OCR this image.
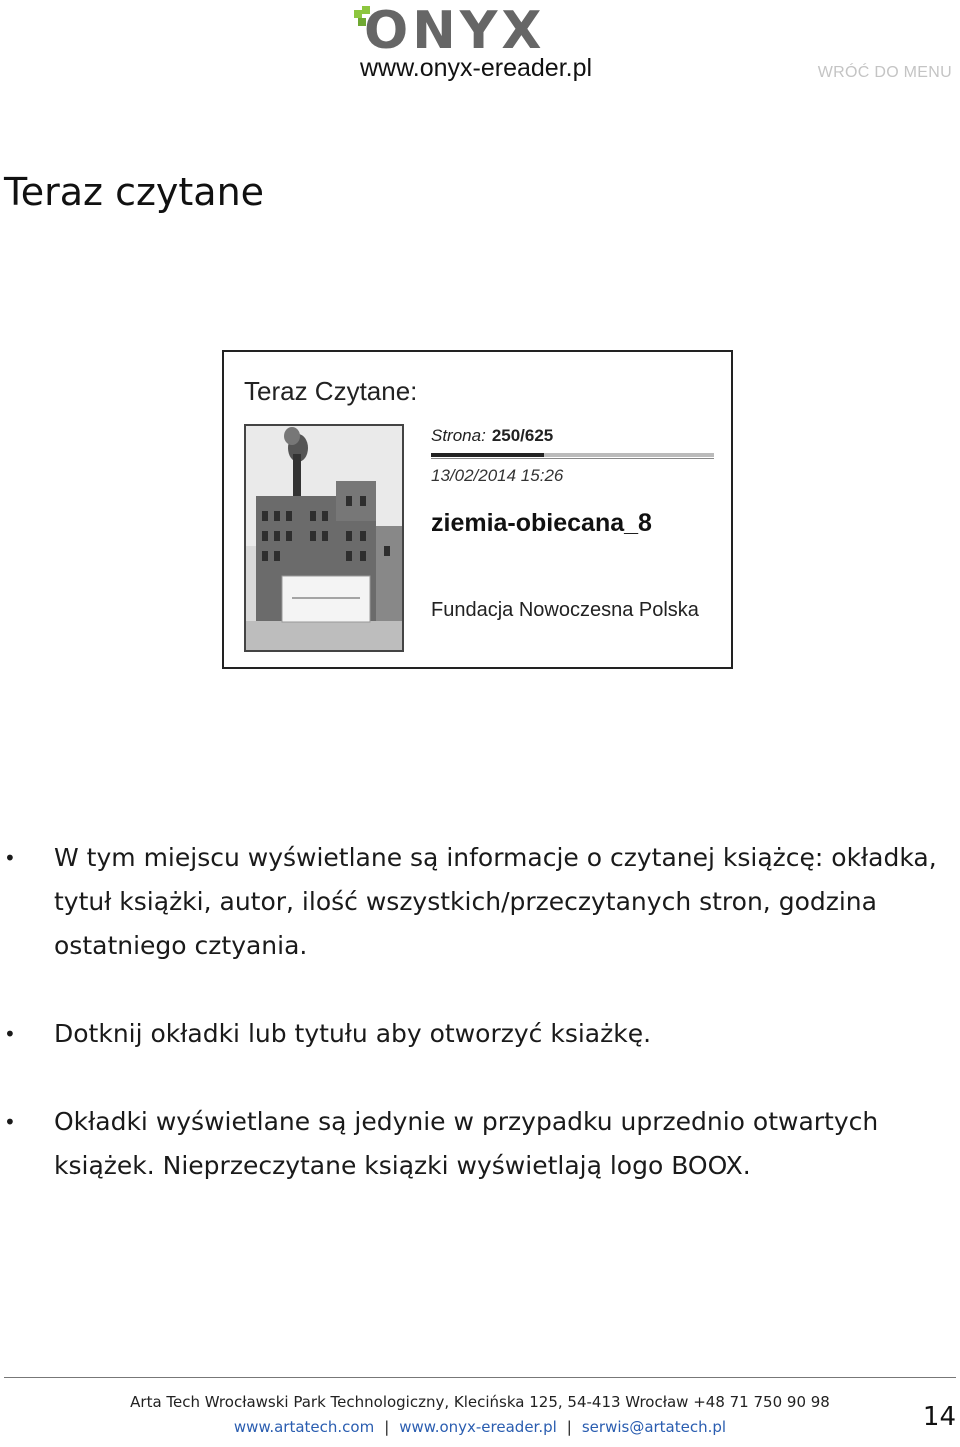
ONYX
www.onyx-ereader.pl	WRÓĆ DO MENU
Teraz czytane
Teraz Czytane:
Strona: 250/625
13/02/2014 15:26
ziemia-obiecana_8
Fundacja Nowoczesna Polska
• W tym miejscu wyświetlane są informacje o czytanej książcę: okładka, tytuł książki, autor, ilość wszystkich/przeczytanych stron, godzina ostatniego cztyania.
• Dotknij okładki lub tytułu aby otworzyć ksiażkę.
• Okładki wyświetlane są jedynie w przypadku uprzednio otwartych książek. Nieprzeczytane ksiązki wyświetlają logo BOOX.
Arta Tech Wrocławski Park Technologiczny, Klecińska 125, 54-413 Wrocław +48 71 750 90 98
www.artatech.com | www.onyx-ereader.pl | serwis@artatech.pl	14
